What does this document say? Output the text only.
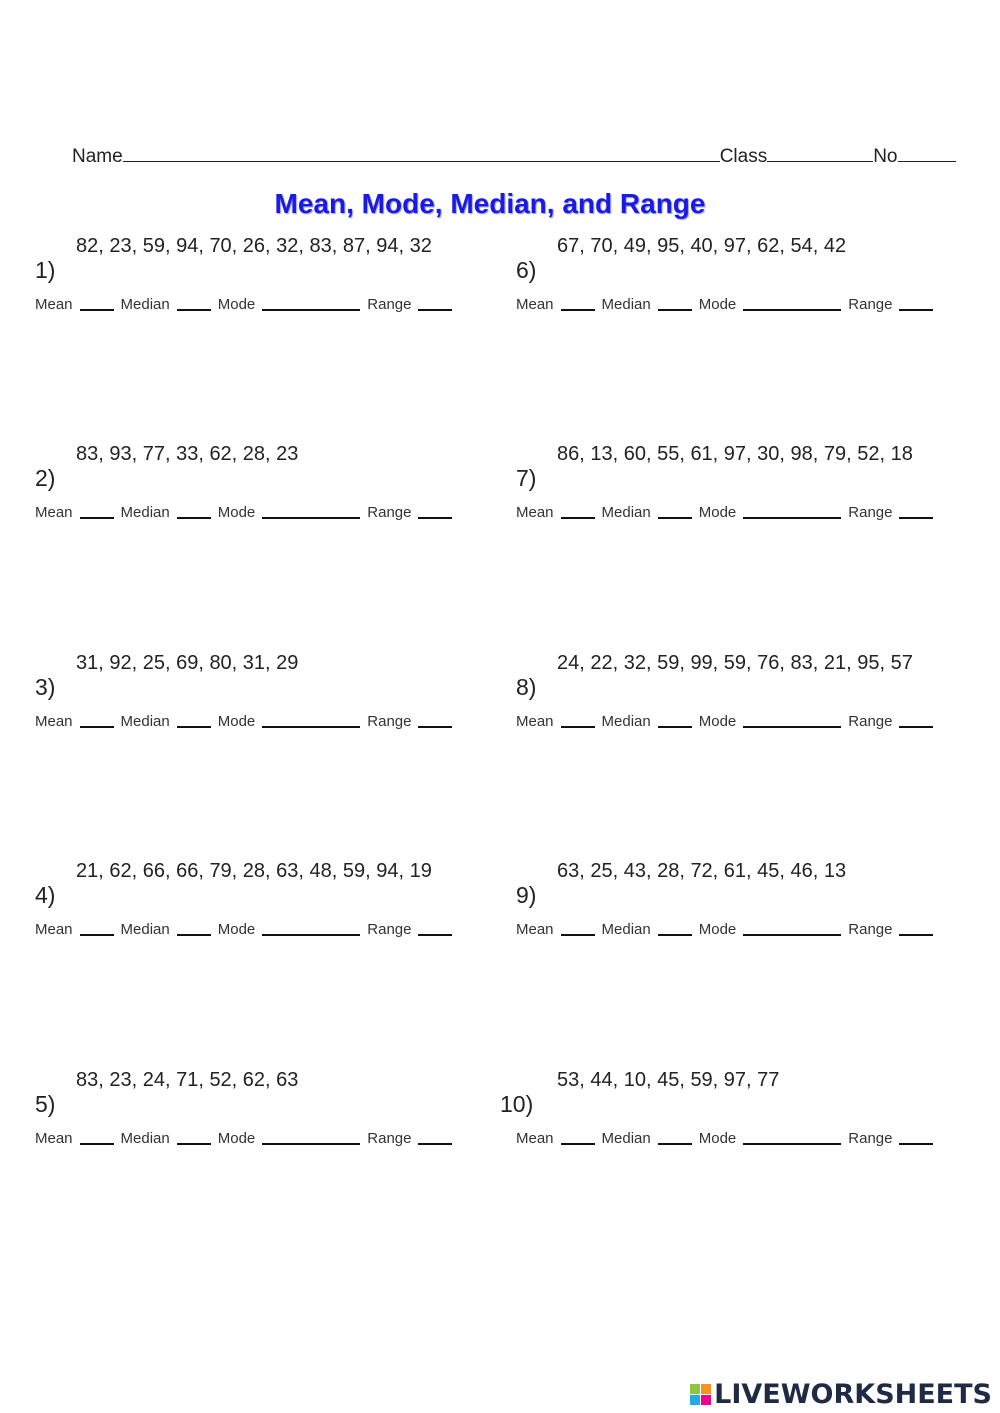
Name	Class	No
Mean, Mode, Median, and Range
1)
82, 23, 59, 94, 70, 26, 32, 83, 87, 94, 32
Mean	Median	Mode	Range
2)
83, 93, 77, 33, 62, 28, 23
Mean	Median	Mode	Range
3)
31, 92, 25, 69, 80, 31, 29
Mean	Median	Mode	Range
4)
21, 62, 66, 66, 79, 28, 63, 48, 59, 94, 19
Mean	Median	Mode	Range
5)
83, 23, 24, 71, 52, 62, 63
Mean	Median	Mode	Range
6)
67, 70, 49, 95, 40, 97, 62, 54, 42
Mean	Median	Mode	Range
7)
86, 13, 60, 55, 61, 97, 30, 98, 79, 52, 18
Mean	Median	Mode	Range
8)
24, 22, 32, 59, 99, 59, 76, 83, 21, 95, 57
Mean	Median	Mode	Range
9)
63, 25, 43, 28, 72, 61, 45, 46, 13
Mean	Median	Mode	Range
10)
53, 44, 10, 45, 59, 97, 77
Mean	Median	Mode	Range
LIVEWORKSHEETS
